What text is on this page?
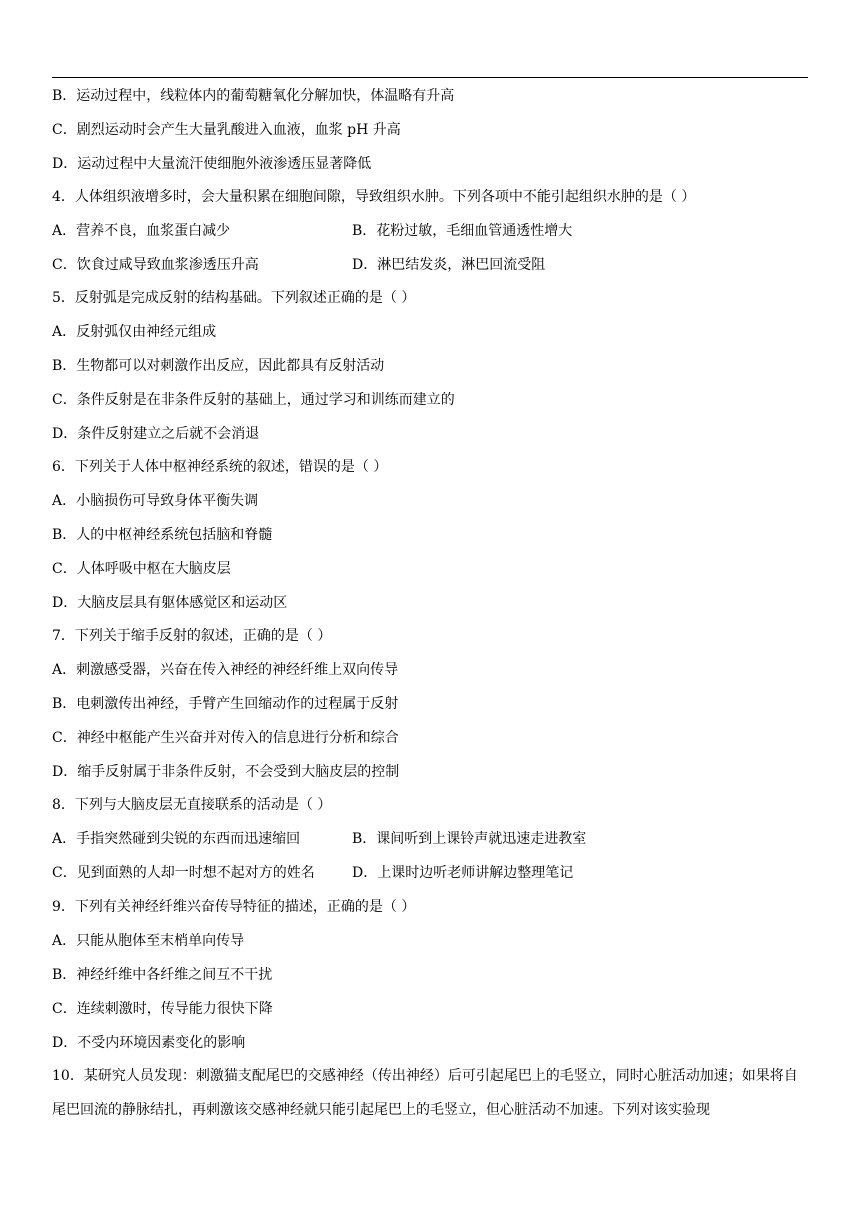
B．运动过程中，线粒体内的葡萄糖氧化分解加快，体温略有升高
C．剧烈运动时会产生大量乳酸进入血液，血浆 pH 升高
D．运动过程中大量流汗使细胞外液渗透压显著降低
4．人体组织液增多时，会大量积累在细胞间隙，导致组织水肿。下列各项中不能引起组织水肿的是（ ）
A．营养不良，血浆蛋白减少	B．花粉过敏，毛细血管通透性增大
C．饮食过咸导致血浆渗透压升高	D．淋巴结发炎，淋巴回流受阻
5．反射弧是完成反射的结构基础。下列叙述正确的是（ ）
A．反射弧仅由神经元组成
B．生物都可以对刺激作出反应，因此都具有反射活动
C．条件反射是在非条件反射的基础上，通过学习和训练而建立的
D．条件反射建立之后就不会消退
6．下列关于人体中枢神经系统的叙述，错误的是（ ）
A．小脑损伤可导致身体平衡失调
B．人的中枢神经系统包括脑和脊髓
C．人体呼吸中枢在大脑皮层
D．大脑皮层具有躯体感觉区和运动区
7．下列关于缩手反射的叙述，正确的是（ ）
A．刺激感受器，兴奋在传入神经的神经纤维上双向传导
B．电刺激传出神经，手臂产生回缩动作的过程属于反射
C．神经中枢能产生兴奋并对传入的信息进行分析和综合
D．缩手反射属于非条件反射，不会受到大脑皮层的控制
8．下列与大脑皮层无直接联系的活动是（ ）
A．手指突然碰到尖锐的东西而迅速缩回	B．课间听到上课铃声就迅速走进教室
C．见到面熟的人却一时想不起对方的姓名	D．上课时边听老师讲解边整理笔记
9．下列有关神经纤维兴奋传导特征的描述，正确的是（ ）
A．只能从胞体至末梢单向传导
B．神经纤维中各纤维之间互不干扰
C．连续刺激时，传导能力很快下降
D．不受内环境因素变化的影响
10．某研究人员发现：刺激猫支配尾巴的交感神经（传出神经）后可引起尾巴上的毛竖立，同时心脏活动加速；如果将自尾巴回流的静脉结扎，再刺激该交感神经就只能引起尾巴上的毛竖立，但心脏活动不加速。下列对该实验现
